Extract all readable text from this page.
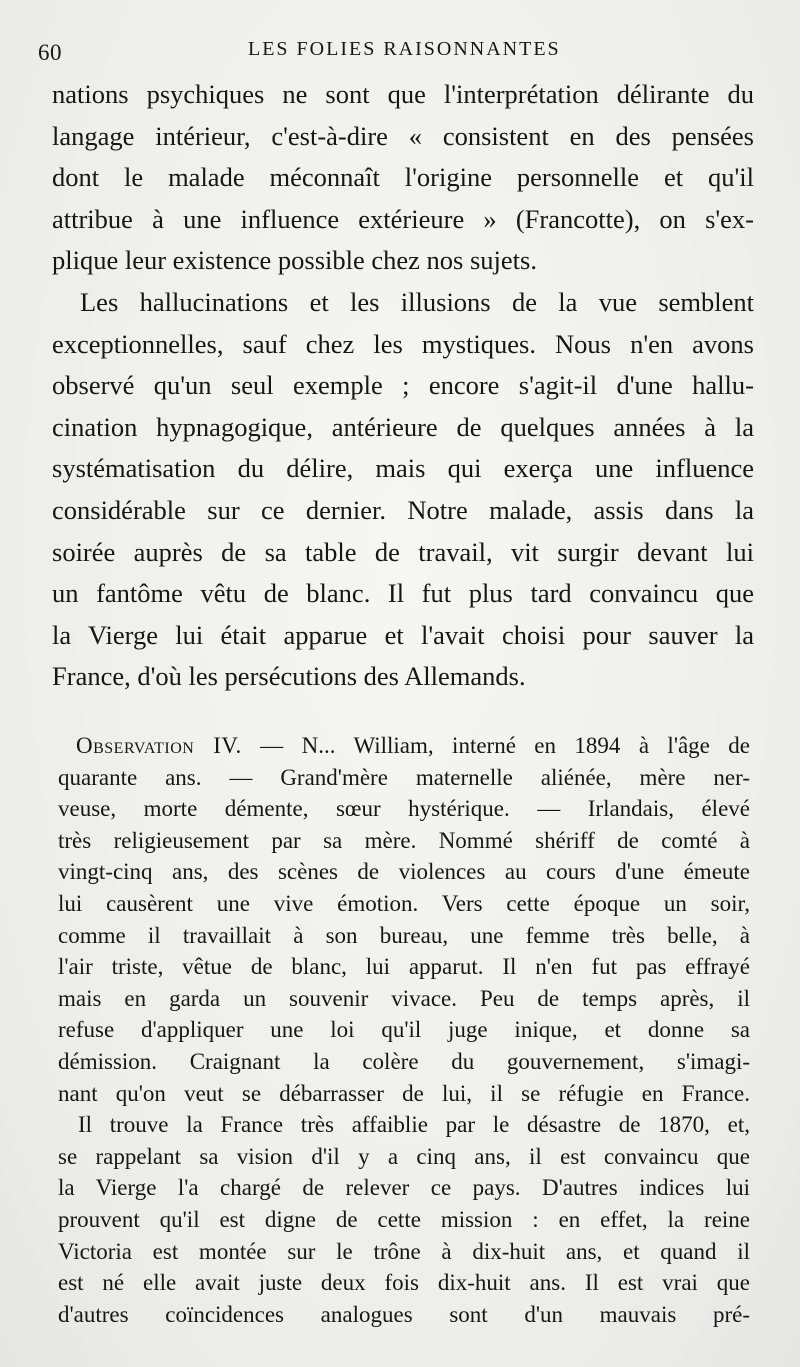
60	LES FOLIES RAISONNANTES
nations psychiques ne sont que l'interprétation délirante du
langage intérieur, c'est-à-dire « consistent en des pensées
dont le malade méconnaît l'origine personnelle et qu'il
attribue à une influence extérieure » (Francotte), on s'ex-
plique leur existence possible chez nos sujets.
Les hallucinations et les illusions de la vue semblent
exceptionnelles, sauf chez les mystiques. Nous n'en avons
observé qu'un seul exemple ; encore s'agit-il d'une hallu-
cination hypnagogique, antérieure de quelques années à la
systématisation du délire, mais qui exerça une influence
considérable sur ce dernier. Notre malade, assis dans la
soirée auprès de sa table de travail, vit surgir devant lui
un fantôme vêtu de blanc. Il fut plus tard convaincu que
la Vierge lui était apparue et l'avait choisi pour sauver la
France, d'où les persécutions des Allemands.
Observation IV. — N... William, interné en 1894 à l'âge de
quarante ans. — Grand'mère maternelle aliénée, mère ner-
veuse, morte démente, sœur hystérique. — Irlandais, élevé
très religieusement par sa mère. Nommé shériff de comté à
vingt-cinq ans, des scènes de violences au cours d'une émeute
lui causèrent une vive émotion. Vers cette époque un soir,
comme il travaillait à son bureau, une femme très belle, à
l'air triste, vêtue de blanc, lui apparut. Il n'en fut pas effrayé
mais en garda un souvenir vivace. Peu de temps après, il
refuse d'appliquer une loi qu'il juge inique, et donne sa
démission. Craignant la colère du gouvernement, s'imagi-
nant qu'on veut se débarrasser de lui, il se réfugie en France.
Il trouve la France très affaiblie par le désastre de 1870, et,
se rappelant sa vision d'il y a cinq ans, il est convaincu que
la Vierge l'a chargé de relever ce pays. D'autres indices lui
prouvent qu'il est digne de cette mission : en effet, la reine
Victoria est montée sur le trône à dix-huit ans, et quand il
est né elle avait juste deux fois dix-huit ans. Il est vrai que
d'autres coïncidences analogues sont d'un mauvais pré-
